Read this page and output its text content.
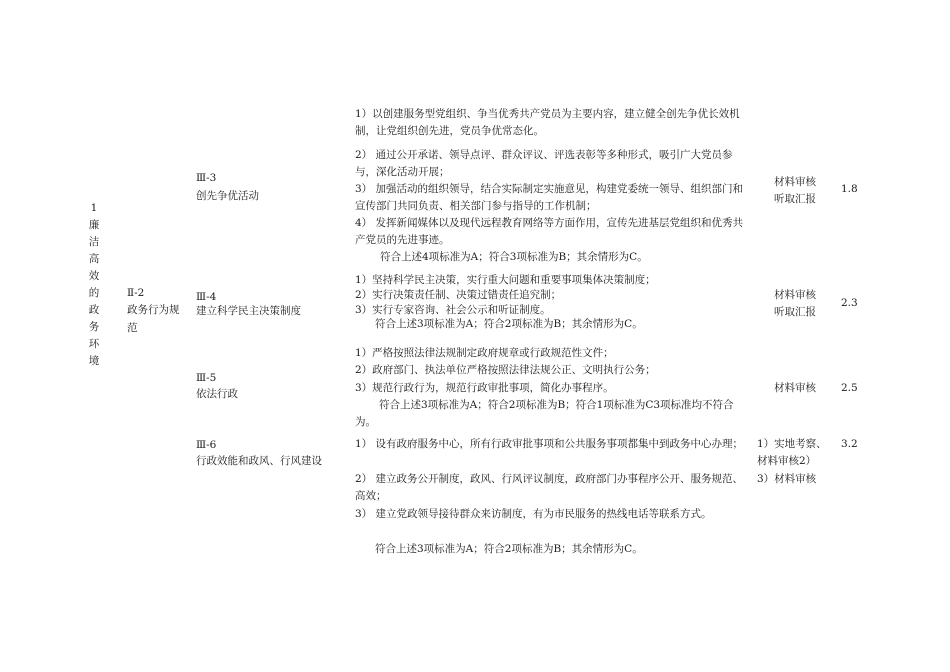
1
廉
洁
高
效
的
政
务
环
境
Ⅱ-2
政务行为规
范
Ⅲ-3
创先争优活动
1）以创建服务型党组织、争当优秀共产党员为主要内容，建立健全创先争优长效机制，让党组织创先进，党员争优常态化。
2） 通过公开承诺、领导点评、群众评议、评选表彰等多种形式，吸引广大党员参与，深化活动开展；
3） 加强活动的组织领导，结合实际制定实施意见，构建党委统一领导、组织部门和宣传部门共同负责、相关部门参与指导的工作机制；
4） 发挥新闻媒体以及现代远程教育网络等方面作用，宣传先进基层党组织和优秀共产党员的先进事迹。
符合上述4项标准为A；符合3项标准为B；其余情形为C。
材料审核
听取汇报
1.8
Ⅲ-4
建立科学民主决策制度
1）坚持科学民主决策，实行重大问题和重要事项集体决策制度；
2）实行决策责任制、决策过错责任追究制；
3）实行专家咨询、社会公示和听证制度。
符合上述3项标准为A；符合2项标准为B；其余情形为C。
材料审核
听取汇报
2.3
Ⅲ-5
依法行政
1）严格按照法律法规制定政府规章或行政规范性文件；
2）政府部门、执法单位严格按照法律法规公正、文明执行公务；
3）规范行政行为，规范行政审批事项，简化办事程序。
符合上述3项标准为A；符合2项标准为B；符合1项标准为C3项标准均不符合为。
材料审核	2.5
Ⅲ-6
行政效能和政风、行风建设
1） 设有政府服务中心，所有行政审批事项和公共服务事项都集中到政务中心办理；
2） 建立政务公开制度，政风、行风评议制度，政府部门办事程序公开、服务规范、高效；
3） 建立党政领导接待群众来访制度，有为市民服务的热线电话等联系方式。
符合上述3项标准为A；符合2项标准为B；其余情形为C。
1）实地考察、材料审核2）3）材料审核
3.2
